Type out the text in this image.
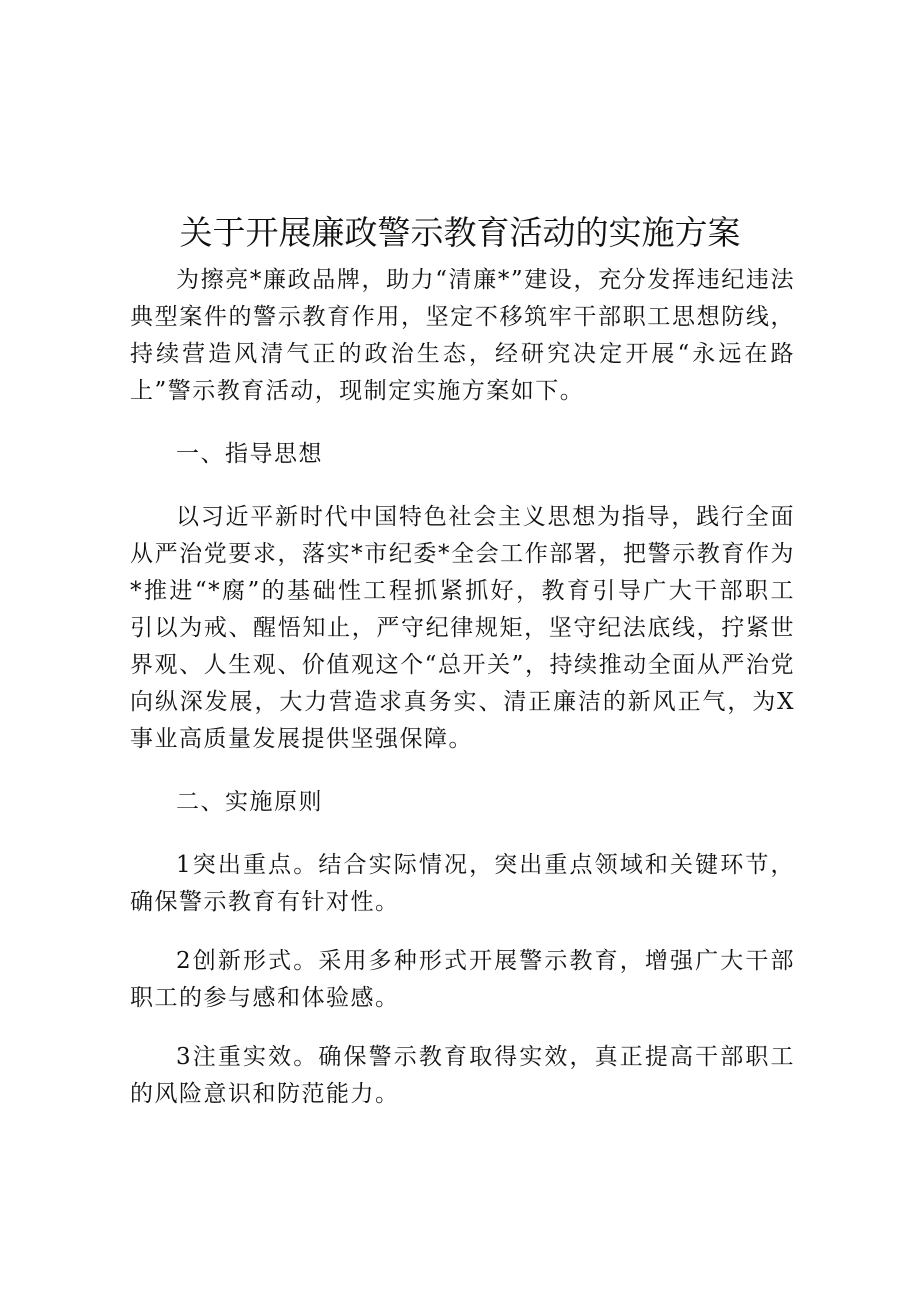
关于开展廉政警示教育活动的实施方案

为擦亮*廉政品牌，助力“清廉*”建设，充分发挥违纪违法典型案件的警示教育作用，坚定不移筑牢干部职工思想防线，持续营造风清气正的政治生态，经研究决定开展“永远在路上”警示教育活动，现制定实施方案如下。

一、指导思想

以习近平新时代中国特色社会主义思想为指导，践行全面从严治党要求，落实*市纪委*全会工作部署，把警示教育作为*推进“*腐”的基础性工程抓紧抓好，教育引导广大干部职工引以为戒、醒悟知止，严守纪律规矩，坚守纪法底线，拧紧世界观、人生观、价值观这个“总开关”，持续推动全面从严治党向纵深发展，大力营造求真务实、清正廉洁的新风正气，为X事业高质量发展提供坚强保障。

二、实施原则

1突出重点。结合实际情况，突出重点领域和关键环节，确保警示教育有针对性。

2创新形式。采用多种形式开展警示教育，增强广大干部职工的参与感和体验感。

3注重实效。确保警示教育取得实效，真正提高干部职工的风险意识和防范能力。
